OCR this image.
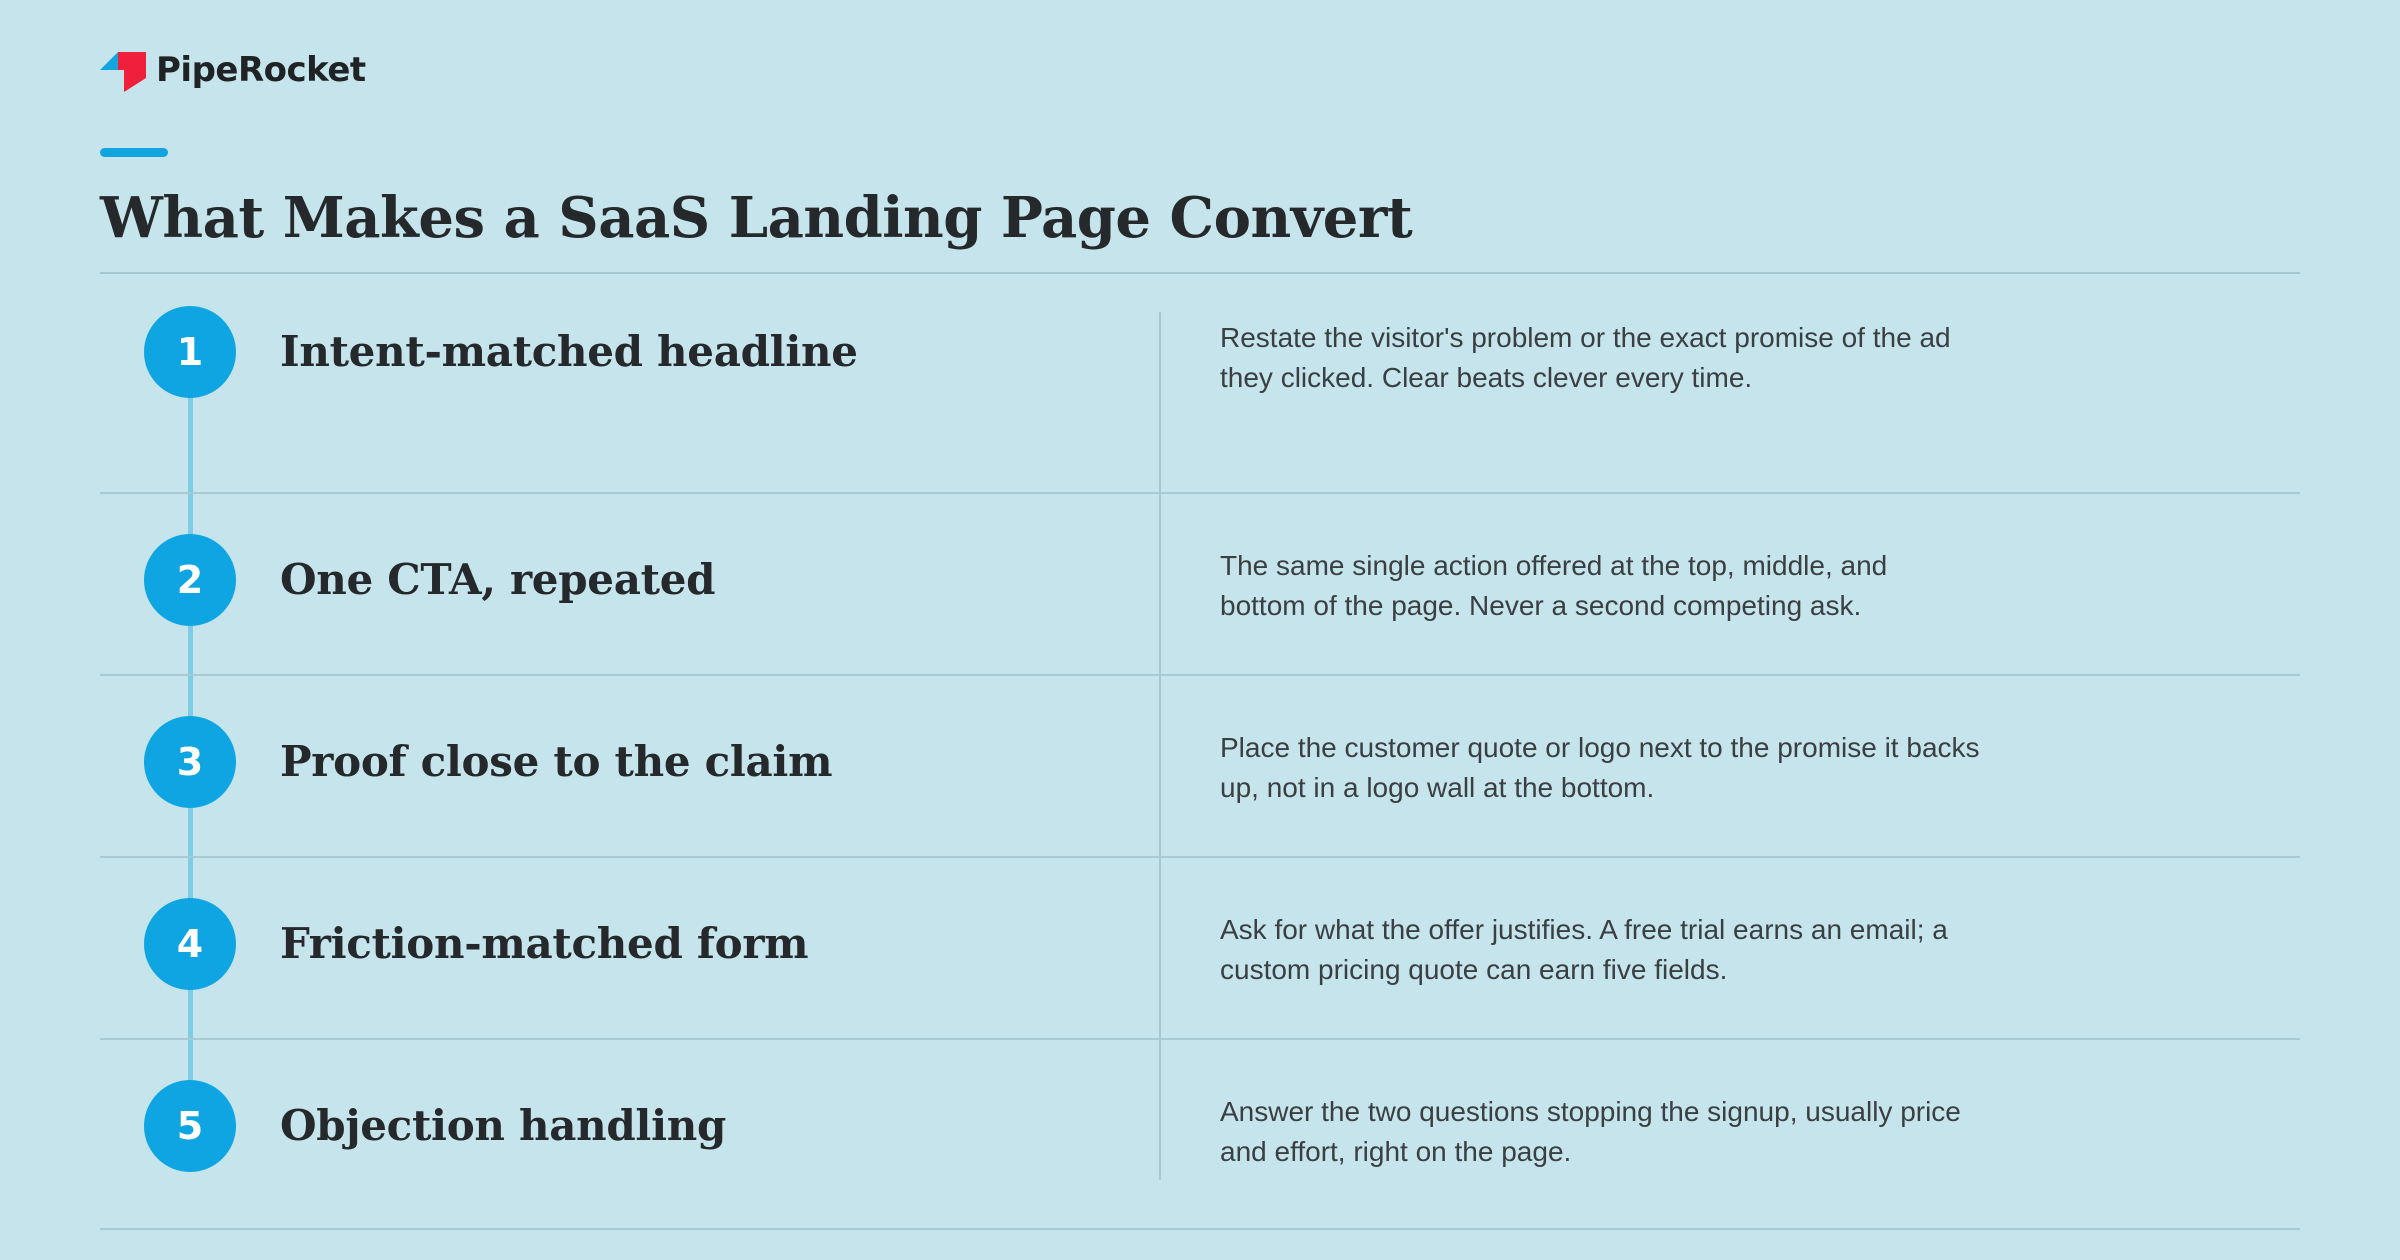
PipeRocket
What Makes a SaaS Landing Page Convert
1	Intent-matched headline	Restate the visitor's problem or the exact promise of the ad they clicked. Clear beats clever every time.
2	One CTA, repeated	The same single action offered at the top, middle, and bottom of the page. Never a second competing ask.
3	Proof close to the claim	Place the customer quote or logo next to the promise it backs up, not in a logo wall at the bottom.
4	Friction-matched form	Ask for what the offer justifies. A free trial earns an email; a custom pricing quote can earn five fields.
5	Objection handling	Answer the two questions stopping the signup, usually price and effort, right on the page.
